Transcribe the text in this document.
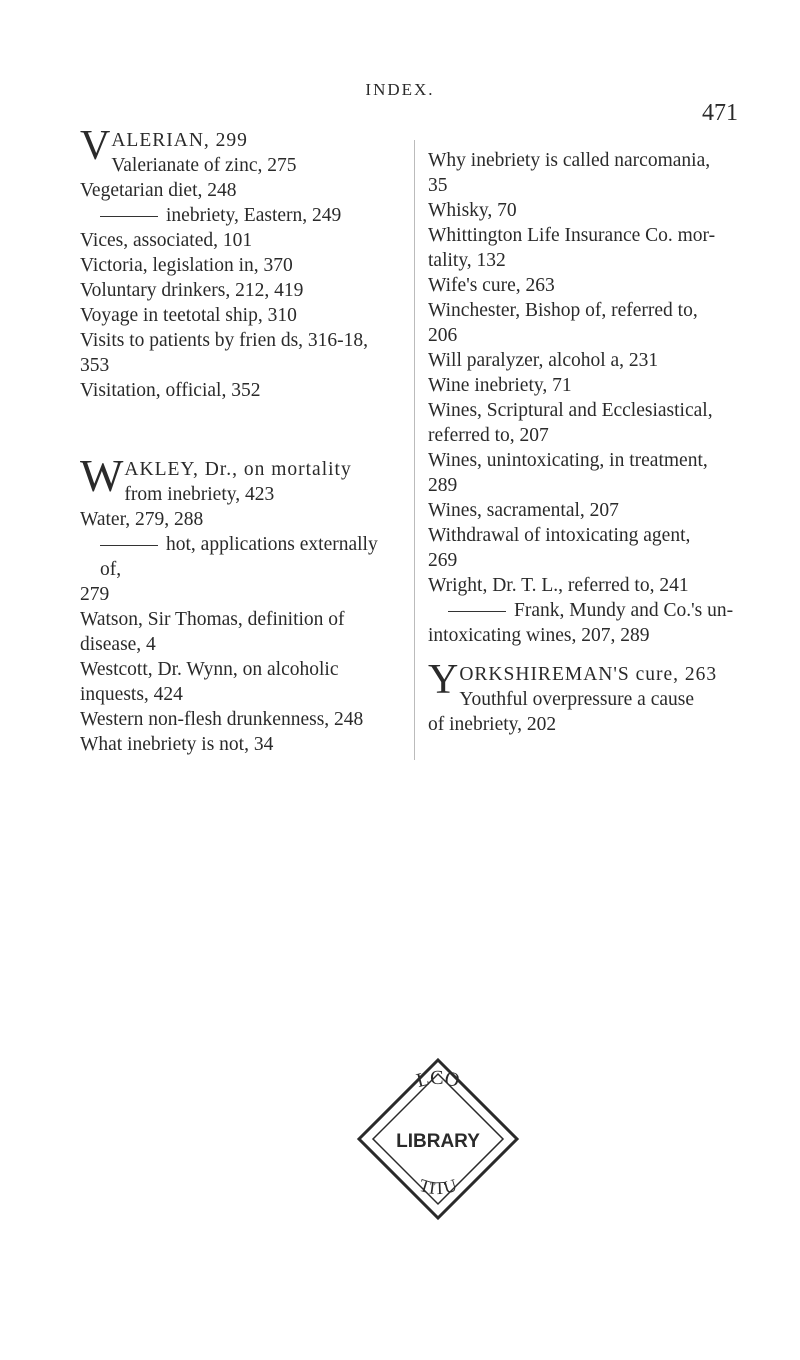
INDEX.
471
VALERIAN, 299
Valerianate of zinc, 275
Vegetarian diet, 248
inebriety, Eastern, 249
Vices, associated, 101
Victoria, legislation in, 370
Voluntary drinkers, 212, 419
Voyage in teetotal ship, 310
Visits to patients by frien ds, 316-18,
353
Visitation, official, 352
WAKLEY, Dr., on mortality
from inebriety, 423
Water, 279, 288
hot, applications externally of,
279
Watson, Sir Thomas, definition of
disease, 4
Westcott, Dr. Wynn, on alcoholic
inquests, 424
Western non-flesh drunkenness, 248
What inebriety is not, 34
Why inebriety is called narcomania,
35
Whisky, 70
Whittington Life Insurance Co. mor-
tality, 132
Wife's cure, 263
Winchester, Bishop of, referred to,
206
Will paralyzer, alcohol a, 231
Wine inebriety, 71
Wines, Scriptural and Ecclesiastical,
referred to, 207
Wines, unintoxicating, in treatment,
289
Wines, sacramental, 207
Withdrawal of intoxicating agent,
269
Wright, Dr. T. L., referred to, 241
Frank, Mundy and Co.'s un-
intoxicating wines, 207, 289
YORKSHIREMAN'S cure, 263
Youthful overpressure a cause
of inebriety, 202
LCO
LIBRARY
TITU
